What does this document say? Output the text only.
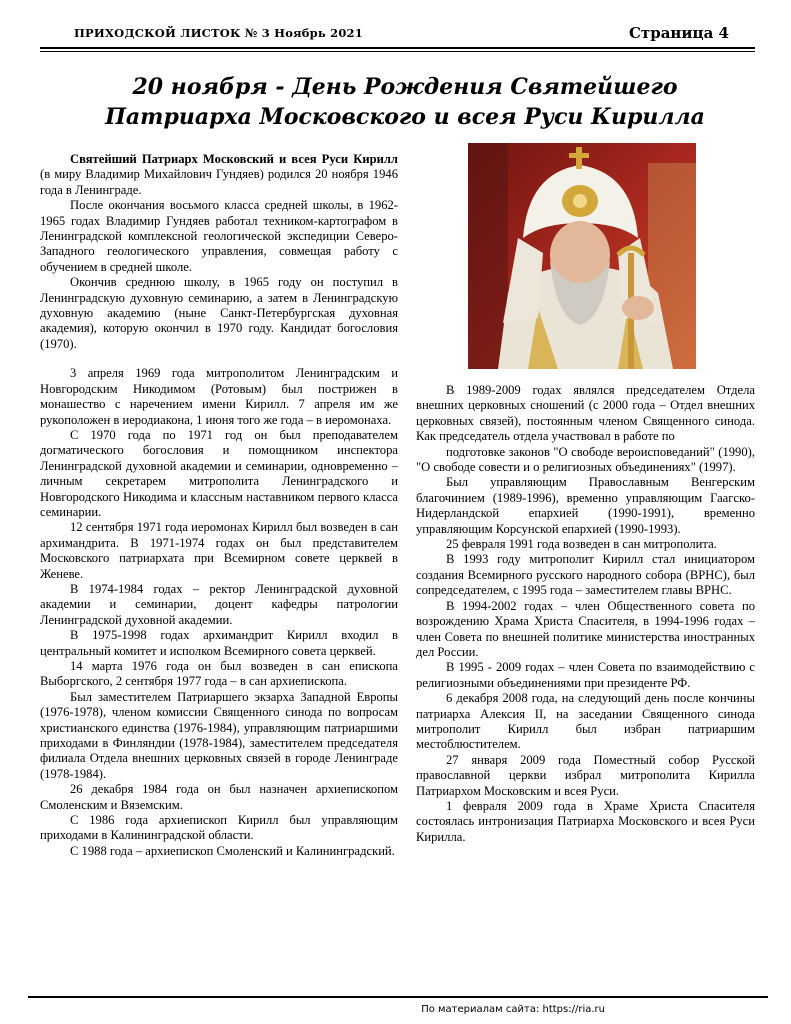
ПРИХОДСКОЙ ЛИСТОК № 3 Ноябрь 2021	Страница 4
20 ноября - День Рождения Святейшего
Патриарха Московского и всея Руси Кирилла

Святейший Патриарх Московский и всея Руси Кирилл (в миру Владимир Михайлович Гундяев) родился 20 ноября 1946 года в Ленинграде.

После окончания восьмого класса средней школы, в 1962-1965 годах Владимир Гундяев работал техником-картографом в Ленинградской комплексной геологической экспедиции Северо-Западного геологического управления, совмещая работу с обучением в средней школе.

Окончив среднюю школу, в 1965 году он поступил в Ленинградскую духовную семинарию, а затем в Ленинградскую духовную академию (ныне Санкт-Петербургская духовная академия), которую окончил в 1970 году. Кандидат богословия (1970).

3 апреля 1969 года митрополитом Ленинградским и Новгородским Никодимом (Ротовым) был пострижен в монашество с наречением имени Кирилл. 7 апреля им же рукоположен в иеродиакона, 1 июня того же года – в иеромонаха.

С 1970 года по 1971 год он был преподавателем догматического богословия и помощником инспектора Ленинградской духовной академии и семинарии, одновременно – личным секретарем митрополита Ленинградского и Новгородского Никодима и классным наставником первого класса семинарии.

12 сентября 1971 года иеромонах Кирилл был возведен в сан архимандрита. В 1971-1974 годах он был представителем Московского патриархата при Всемирном совете церквей в Женеве.

В 1974-1984 годах – ректор Ленинградской духовной академии и семинарии, доцент кафедры патрологии Ленинградской духовной академии.

В 1975-1998 годах архимандрит Кирилл входил в центральный комитет и исполком Всемирного совета церквей.

14 марта 1976 года он был возведен в сан епископа Выборгского, 2 сентября 1977 года – в сан архиепископа.

Был заместителем Патриаршего экзарха Западной Европы (1976-1978), членом комиссии Священного синода по вопросам христианского единства (1976-1984), управляющим патриаршими приходами в Финляндии (1978-1984), заместителем председателя филиала Отдела внешних церковных связей в городе Ленинграде (1978-1984).

26 декабря 1984 года он был назначен архиепископом Смоленским и Вяземским.

С 1986 года архиепископ Кирилл был управляющим приходами в Калининградской области.

С 1988 года – архиепископ Смоленский и Калининградский.

В 1989-2009 годах являлся председателем Отдела внешних церковных сношений (с 2000 года – Отдел внешних церковных связей), постоянным членом Священного синода. Как председатель отдела участвовал в работе по

подготовке законов "О свободе вероисповеданий" (1990), "О свободе совести и о религиозных объединениях" (1997).

Был управляющим Православным Венгерским благочинием (1989-1996), временно управляющим Гаагско-Нидерландской епархией (1990-1991), временно управляющим Корсунской епархией (1990-1993).

25 февраля 1991 года возведен в сан митрополита.

В 1993 году митрополит Кирилл стал инициатором создания Всемирного русского народного собора (ВРНС), был сопредседателем, с 1995 года – заместителем главы ВРНС.

В 1994-2002 годах – член Общественного совета по возрождению Храма Христа Спасителя, в 1994-1996 годах – член Совета по внешней политике министерства иностранных дел России.

В 1995 - 2009 годах – член Совета по взаимодействию с религиозными объединениями при президенте РФ.

6 декабря 2008 года, на следующий день после кончины патриарха Алексия II, на заседании Священного синода митрополит Кирилл был избран патриаршим местоблюстителем.

27 января 2009 года Поместный собор Русской православной церкви избрал митрополита Кирилла Патриархом Московским и всея Руси.

1 февраля 2009 года в Храме Христа Спасителя состоялась интронизация Патриарха Московского и всея Руси Кирилла.

По материалам сайта: https://ria.ru
